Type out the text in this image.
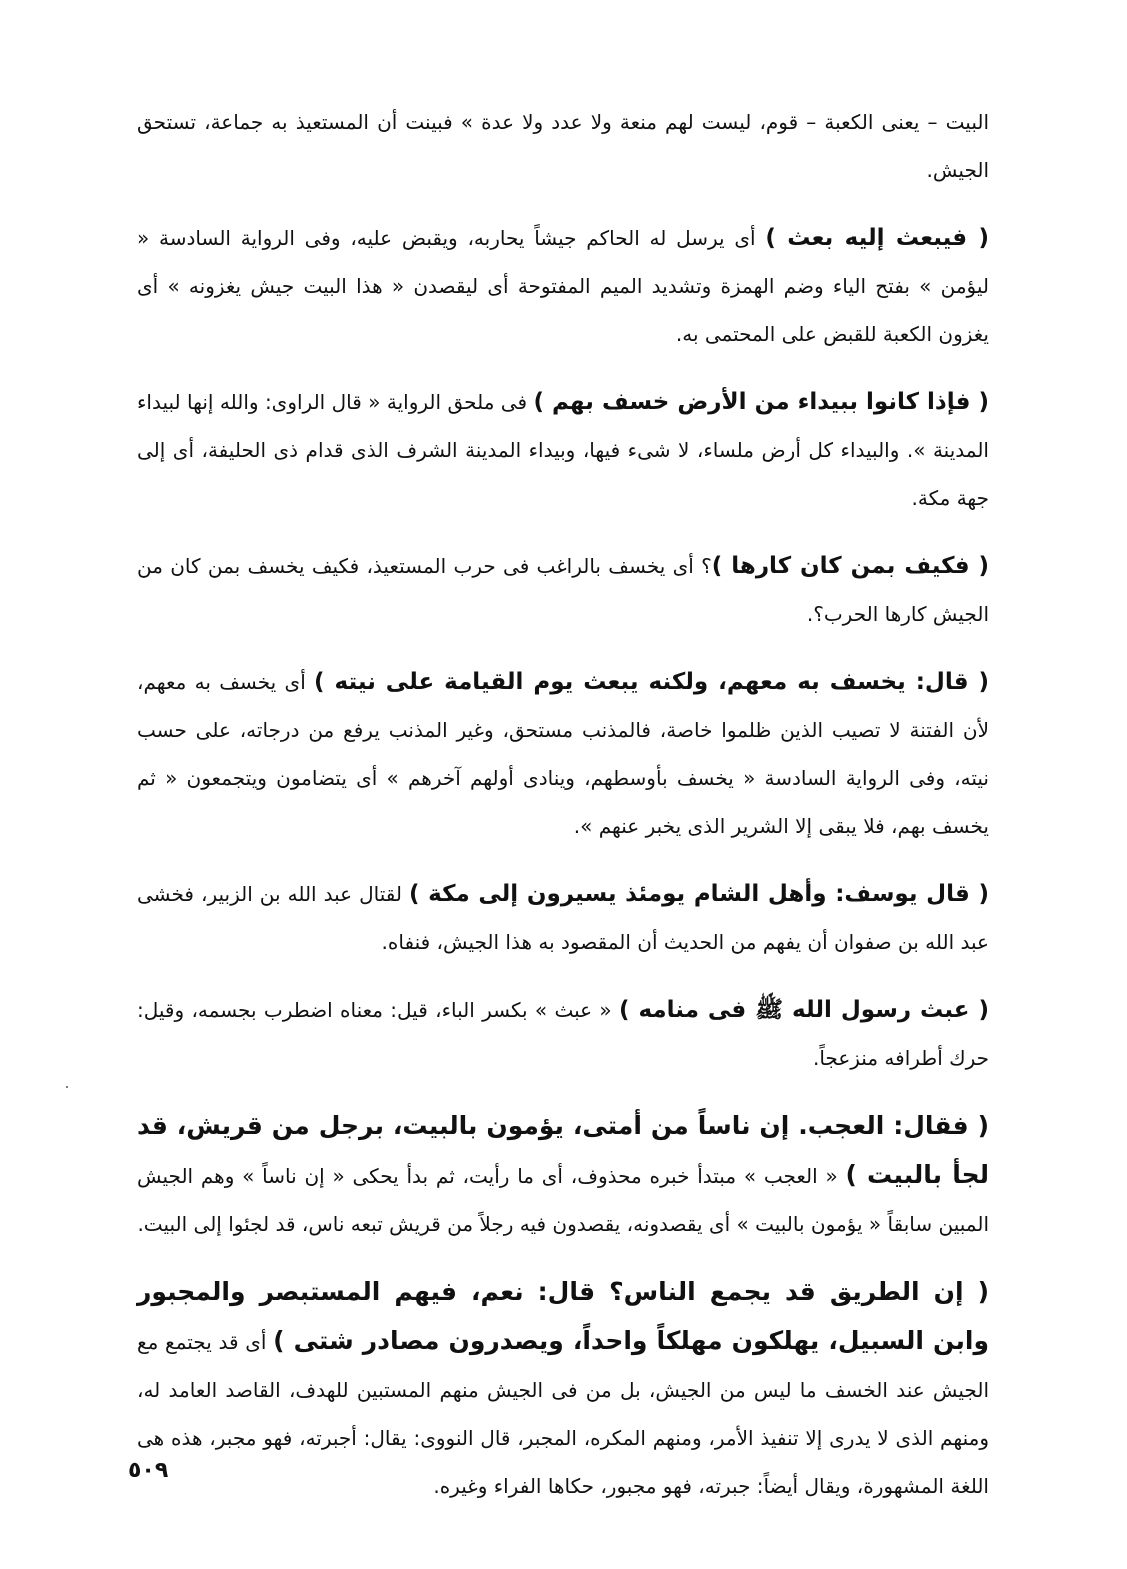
البيت – يعنى الكعبة – قوم، ليست لهم منعة ولا عدد ولا عدة » فبينت أن المستعيذ به جماعة، تستحق الجيش.

( فيبعث إليه بعث ) أى يرسل له الحاكم جيشاً يحاربه، ويقبض عليه، وفى الرواية السادسة « ليؤمن » بفتح الياء وضم الهمزة وتشديد الميم المفتوحة أى ليقصدن « هذا البيت جيش يغزونه » أى يغزون الكعبة للقبض على المحتمى به.

( فإذا كانوا ببيداء من الأرض خسف بهم ) فى ملحق الرواية « قال الراوى: والله إنها لبيداء المدينة ». والبيداء كل أرض ملساء، لا شىء فيها، وبيداء المدينة الشرف الذى قدام ذى الحليفة، أى إلى جهة مكة.

( فكيف بمن كان كارها )؟ أى يخسف بالراغب فى حرب المستعيذ، فكيف يخسف بمن كان من الجيش كارها الحرب؟.

( قال: يخسف به معهم، ولكنه يبعث يوم القيامة على نيته ) أى يخسف به معهم، لأن الفتنة لا تصيب الذين ظلموا خاصة، فالمذنب مستحق، وغير المذنب يرفع من درجاته، على حسب نيته، وفى الرواية السادسة « يخسف بأوسطهم، وينادى أولهم آخرهم » أى يتضامون ويتجمعون « ثم يخسف بهم، فلا يبقى إلا الشرير الذى يخبر عنهم ».

( قال يوسف: وأهل الشام يومئذ يسيرون إلى مكة ) لقتال عبد الله بن الزبير، فخشى عبد الله بن صفوان أن يفهم من الحديث أن المقصود به هذا الجيش، فنفاه.

( عبث رسول الله ﷺ فى منامه ) « عبث » بكسر الباء، قيل: معناه اضطرب بجسمه، وقيل: حرك أطرافه منزعجاً.

( فقال: العجب. إن ناساً من أمتى، يؤمون بالبيت، برجل من قريش، قد لجأ بالبيت ) « العجب » مبتدأ خبره محذوف، أى ما رأيت، ثم بدأ يحكى « إن ناساً » وهم الجيش المبين سابقاً « يؤمون بالبيت » أى يقصدونه، يقصدون فيه رجلاً من قريش تبعه ناس، قد لجئوا إلى البيت.

( إن الطريق قد يجمع الناس؟ قال: نعم، فيهم المستبصر والمجبور وابن السبيل، يهلكون مهلكاً واحداً، ويصدرون مصادر شتى ) أى قد يجتمع مع الجيش عند الخسف ما ليس من الجيش، بل من فى الجيش منهم المستبين للهدف، القاصد العامد له، ومنهم الذى لا يدرى إلا تنفيذ الأمر، ومنهم المكره، المجبر، قال النووى: يقال: أجبرته، فهو مجبر، هذه هى اللغة المشهورة، ويقال أيضاً: جبرته، فهو مجبور، حكاها الفراء وغيره.

٥٠٩
